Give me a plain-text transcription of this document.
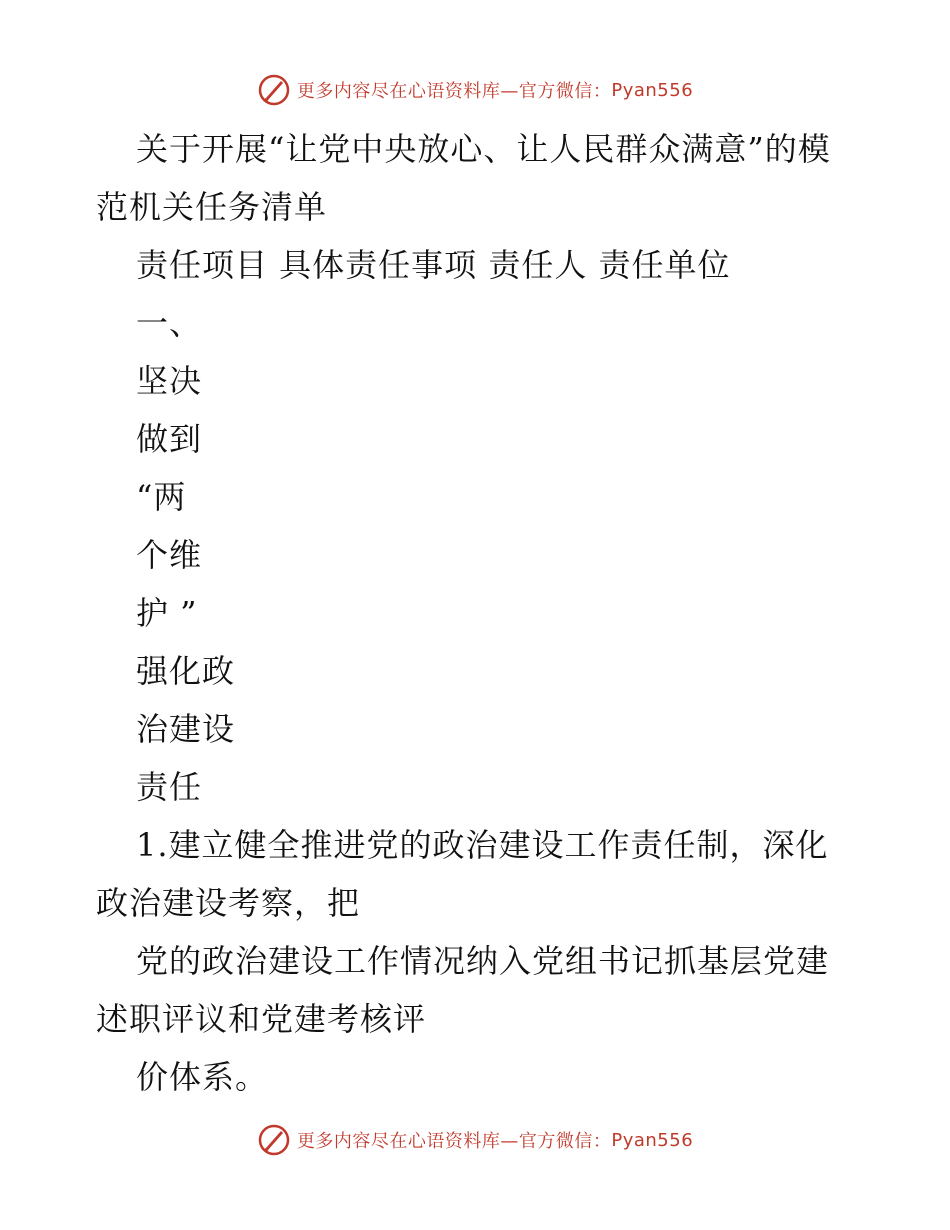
更多内容尽在心语资料库—官方微信： Pyan556

关于开展“让党中央放心、让人民群众满意”的模范机关任务清单

责任项目 具体责任事项 责任人 责任单位

一、

坚决

做到

“两

个维

护 ”

强化政

治建设

责任

1.建立健全推进党的政治建设工作责任制，深化政治建设考察，把

党的政治建设工作情况纳入党组书记抓基层党建述职评议和党建考核评

价体系。

更多内容尽在心语资料库—官方微信： Pyan556
